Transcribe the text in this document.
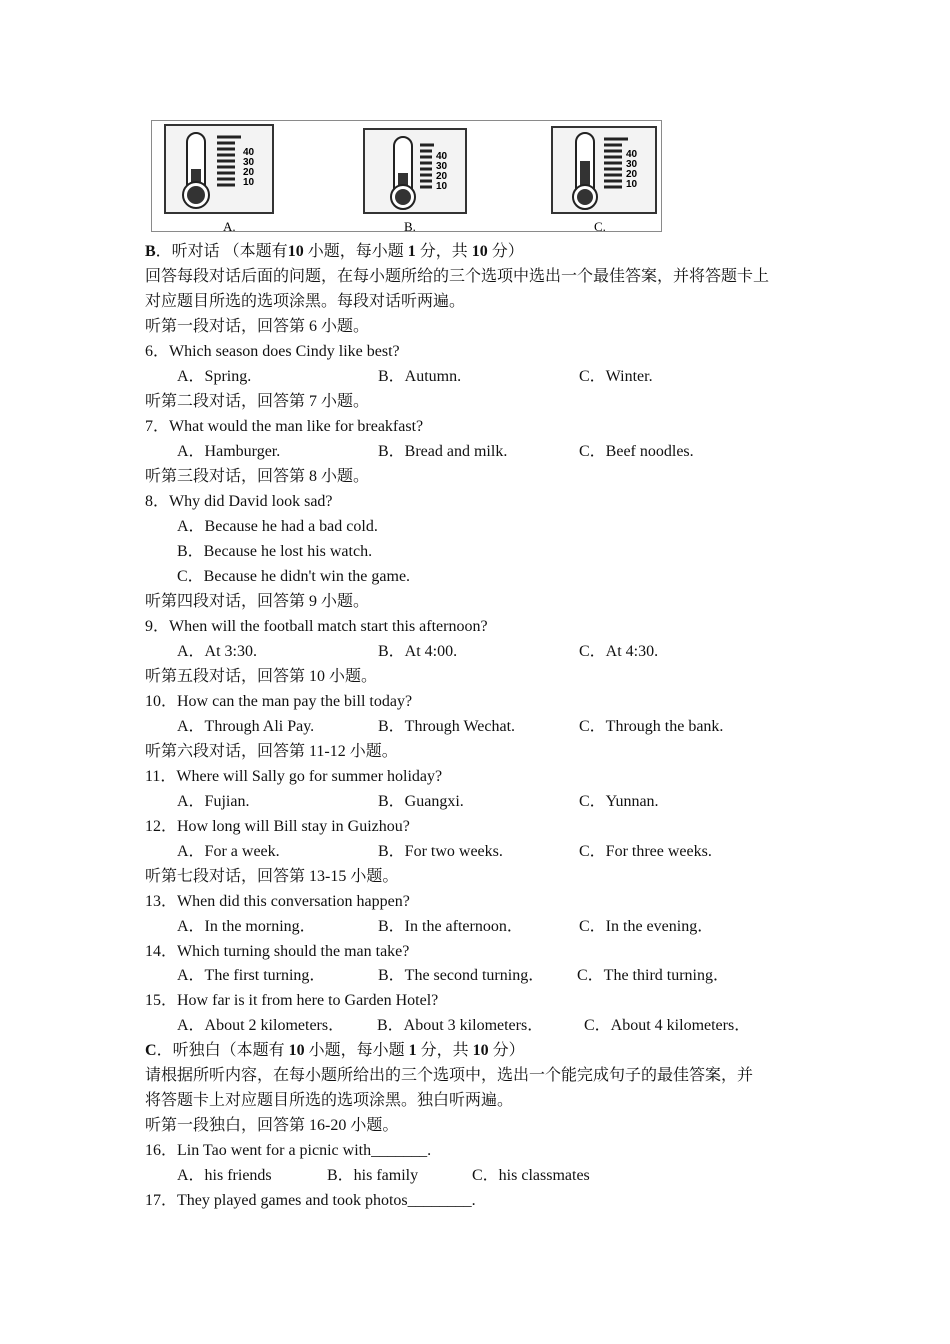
40
30
20
10
A.
40
30
20
10
B.
40
30
20
10
C.
B．听对话 （本题有10 小题，每小题 1 分，共 10 分）
回答每段对话后面的问题，在每小题所给的三个选项中选出一个最佳答案，并将答题卡上
对应题目所选的选项涂黑。每段对话听两遍。
听第一段对话，回答第 6 小题。
6．Which season does Cindy like best?
A．Spring.	B．Autumn.	C．Winter.
听第二段对话，回答第 7 小题。
7．What would the man like for breakfast?
A．Hamburger.	B．Bread and milk.	C．Beef noodles.
听第三段对话，回答第 8 小题。
8．Why did David look sad?
A．Because he had a bad cold.
B．Because he lost his watch.
C．Because he didn't win the game.
听第四段对话，回答第 9 小题。
9．When will the football match start this afternoon?
A．At 3:30.	B．At 4:00.	C．At 4:30.
听第五段对话，回答第 10 小题。
10．How can the man pay the bill today?
A．Through Ali Pay.	B．Through Wechat.	C．Through the bank.
听第六段对话，回答第 11-12 小题。
11．Where will Sally go for summer holiday?
A．Fujian.	B．Guangxi.	C．Yunnan.
12．How long will Bill stay in Guizhou?
A．For a week.	B．For two weeks.	C．For three weeks.
听第七段对话，回答第 13-15 小题。
13．When did this conversation happen?
A．In the morning．	B．In the afternoon．	C．In the evening．
14．Which turning should the man take?
A．The first turning．	B．The second turning． C．The third turning．
15．How far is it from here to Garden Hotel?
A．About 2 kilometers． B．About 3 kilometers．	C．About 4 kilometers．
C．听独白（本题有 10 小题，每小题 1 分，共 10 分）
请根据所听内容，在每小题所给出的三个选项中，选出一个能完成句子的最佳答案，并
将答题卡上对应题目所选的选项涂黑。独白听两遍。
听第一段独白，回答第 16-20 小题。
16．Lin Tao went for a picnic with_______.
A．his friends	B．his family	C．his classmates
17．They played games and took photos________.
